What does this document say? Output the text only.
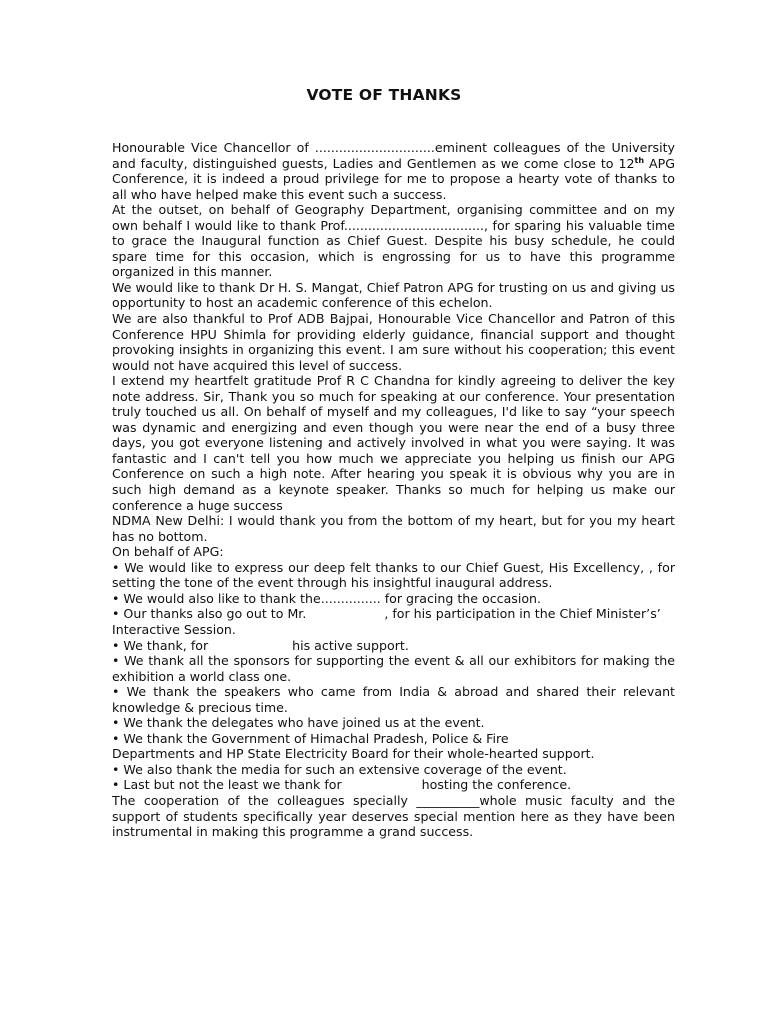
VOTE OF THANKS

Honourable Vice Chancellor of ..............................eminent colleagues of the University and faculty, distinguished guests, Ladies and Gentlemen as we come close to 12th APG Conference, it is indeed a proud privilege for me to propose a hearty vote of thanks to all who have helped make this event such a success.

At the outset, on behalf of Geography Department, organising committee and on my own behalf I would like to thank Prof..................................., for sparing his valuable time to grace the Inaugural function as Chief Guest. Despite his busy schedule, he could spare time for this occasion, which is engrossing for us to have this programme organized in this manner.

We would like to thank Dr H. S. Mangat, Chief Patron APG for trusting on us and giving us opportunity to host an academic conference of this echelon.

We are also thankful to Prof ADB Bajpai, Honourable Vice Chancellor and Patron of this Conference HPU Shimla for providing elderly guidance, financial support and thought provoking insights in organizing this event. I am sure without his cooperation; this event would not have acquired this level of success.

I extend my heartfelt gratitude Prof R C Chandna for kindly agreeing to deliver the key note address. Sir, Thank you so much for speaking at our conference. Your presentation truly touched us all. On behalf of myself and my colleagues, I'd like to say “your speech was dynamic and energizing and even though you were near the end of a busy three days, you got everyone listening and actively involved in what you were saying. It was fantastic and I can't tell you how much we appreciate you helping us finish our APG Conference on such a high note. After hearing you speak it is obvious why you are in such high demand as a keynote speaker. Thanks so much for helping us make our conference a huge success

NDMA New Delhi: I would thank you from the bottom of my heart, but for you my heart has no bottom.

On behalf of APG:

• We would like to express our deep felt thanks to our Chief Guest, His Excellency, , for setting the tone of the event through his insightful inaugural address.

• We would also like to thank the............... for gracing the occasion.

• Our thanks also go out to Mr.	, for his participation in the Chief Minister’s’

Interactive Session.

• We thank, for	his active support.

• We thank all the sponsors for supporting the event & all our exhibitors for making the exhibition a world class one.

• We thank the speakers who came from India & abroad and shared their relevant knowledge & precious time.

• We thank the delegates who have joined us at the event.

• We thank the Government of Himachal Pradesh, Police & Fire

Departments and HP State Electricity Board for their whole-hearted support.

• We also thank the media for such an extensive coverage of the event.

• Last but not the least we thank for	hosting the conference.

The cooperation of the colleagues specially __________whole music faculty and the support of students specifically year deserves special mention here as they have been instrumental in making this programme a grand success.
